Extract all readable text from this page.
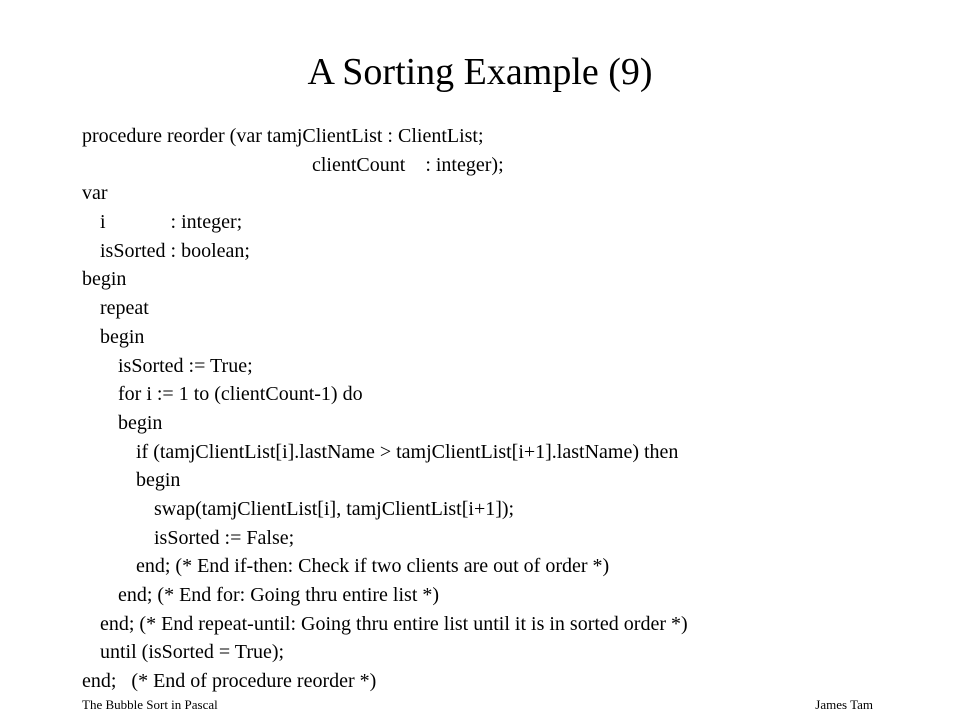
A Sorting Example (9)
procedure reorder (var tamjClientList : ClientList;
clientCount    : integer);
var
i             : integer;
isSorted : boolean;
begin
repeat
begin
isSorted := True;
for i := 1 to (clientCount-1) do
begin
if (tamjClientList[i].lastName > tamjClientList[i+1].lastName) then
begin
swap(tamjClientList[i], tamjClientList[i+1]);
isSorted := False;
end; (* End if-then: Check if two clients are out of order *)
end; (* End for: Going thru entire list *)
end; (* End repeat-until: Going thru entire list until it is in sorted order *)
until (isSorted = True);
end;   (* End of procedure reorder *)
The Bubble Sort in Pascal	James Tam
